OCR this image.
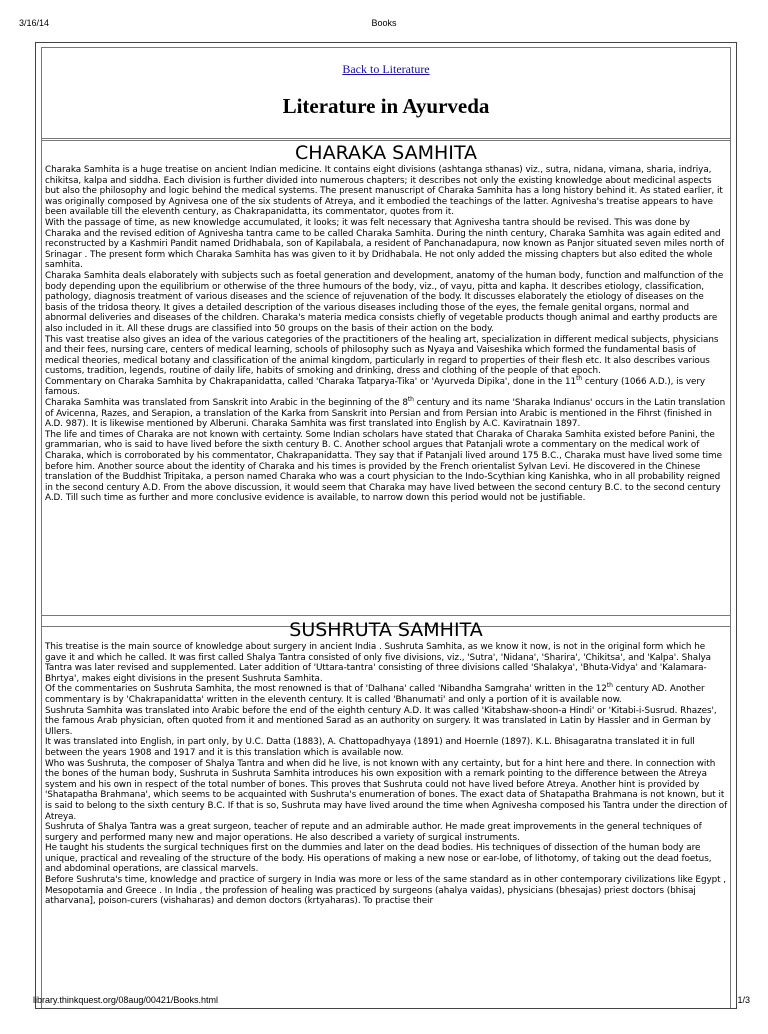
3/16/14	Books
Back to Literature
Literature in Ayurveda
CHARAKA SAMHITA

Charaka Samhita is a huge treatise on ancient Indian medicine. It contains eight divisions (ashtanga sthanas) viz., sutra, nidana, vimana, sharia, indriya, chikitsa, kalpa and siddha. Each division is further divided into numerous chapters; it describes not only the existing knowledge about medicinal aspects but also the philosophy and logic behind the medical systems. The present manuscript of Charaka Samhita has a long history behind it. As stated earlier, it was originally composed by Agnivesa one of the six students of Atreya, and it embodied the teachings of the latter. Agnivesha's treatise appears to have been available till the eleventh century, as Chakrapanidatta, its commentator, quotes from it.

With the passage of time, as new knowledge accumulated, it looks; it was felt necessary that Agnivesha tantra should be revised. This was done by Charaka and the revised edition of Agnivesha tantra came to be called Charaka Samhita. During the ninth century, Charaka Samhita was again edited and reconstructed by a Kashmiri Pandit named Dridhabala, son of Kapilabala, a resident of Panchanadapura, now known as Panjor situated seven miles north of Srinagar . The present form which Charaka Samhita has was given to it by Dridhabala. He not only added the missing chapters but also edited the whole samhita.

Charaka Samhita deals elaborately with subjects such as foetal generation and development, anatomy of the human body, function and malfunction of the body depending upon the equilibrium or otherwise of the three humours of the body, viz., of vayu, pitta and kapha. It describes etiology, classification, pathology, diagnosis treatment of various diseases and the science of rejuvenation of the body. It discusses elaborately the etiology of diseases on the basis of the tridosa theory. It gives a detailed description of the various diseases including those of the eyes, the female genital organs, normal and abnormal deliveries and diseases of the children. Charaka's materia medica consists chiefly of vegetable products though animal and earthy products are also included in it. All these drugs are classified into 50 groups on the basis of their action on the body.

This vast treatise also gives an idea of the various categories of the practitioners of the healing art, specialization in different medical subjects, physicians and their fees, nursing care, centers of medical learning, schools of philosophy such as Nyaya and Vaiseshika which formed the fundamental basis of medical theories, medical botany and classification of the animal kingdom, particularly in regard to properties of their flesh etc. It also describes various customs, tradition, legends, routine of daily life, habits of smoking and drinking, dress and clothing of the people of that epoch.

Commentary on Charaka Samhita by Chakrapanidatta, called 'Charaka Tatparya-Tika' or 'Ayurveda Dipika', done in the 11th century (1066 A.D.), is very famous.

Charaka Samhita was translated from Sanskrit into Arabic in the beginning of the 8th century and its name 'Sharaka Indianus' occurs in the Latin translation of Avicenna, Razes, and Serapion, a translation of the Karka from Sanskrit into Persian and from Persian into Arabic is mentioned in the Fihrst (finished in A.D. 987). It is likewise mentioned by Alberuni. Charaka Samhita was first translated into English by A.C. Kaviratnain 1897.

The life and times of Charaka are not known with certainty. Some Indian scholars have stated that Charaka of Charaka Samhita existed before Panini, the grammarian, who is said to have lived before the sixth century B. C. Another school argues that Patanjali wrote a commentary on the medical work of Charaka, which is corroborated by his commentator, Chakrapanidatta. They say that if Patanjali lived around 175 B.C., Charaka must have lived some time before him. Another source about the identity of Charaka and his times is provided by the French orientalist Sylvan Levi. He discovered in the Chinese translation of the Buddhist Tripitaka, a person named Charaka who was a court physician to the Indo-Scythian king Kanishka, who in all probability reigned in the second century A.D. From the above discussion, it would seem that Charaka may have lived between the second century B.C. to the second century A.D. Till such time as further and more conclusive evidence is available, to narrow down this period would not be justifiable.

SUSHRUTA SAMHITA

This treatise is the main source of knowledge about surgery in ancient India . Sushruta Samhita, as we know it now, is not in the original form which he gave it and which he called. It was first called Shalya Tantra consisted of only five divisions, viz., 'Sutra', 'Nidana', 'Sharira', 'Chikitsa', and 'Kalpa'. Shalya Tantra was later revised and supplemented. Later addition of 'Uttara-tantra' consisting of three divisions called 'Shalakya', 'Bhuta-Vidya' and 'Kalamara-Bhrtya', makes eight divisions in the present Sushruta Samhita.

Of the commentaries on Sushruta Samhita, the most renowned is that of 'Dalhana' called 'Nibandha Samgraha' written in the 12th century AD. Another commentary is by 'Chakrapanidatta' written in the eleventh century. It is called 'Bhanumati' and only a portion of it is available now.

Sushruta Samhita was translated into Arabic before the end of the eighth century A.D. It was called 'Kitabshaw-shoon-a Hindi' or 'Kitabi-i-Susrud. Rhazes', the famous Arab physician, often quoted from it and mentioned Sarad as an authority on surgery. It was translated in Latin by Hassler and in German by Ullers.

It was translated into English, in part only, by U.C. Datta (1883), A. Chattopadhyaya (1891) and Hoernle (1897). K.L. Bhisagaratna translated it in full between the years 1908 and 1917 and it is this translation which is available now.

Who was Sushruta, the composer of Shalya Tantra and when did he live, is not known with any certainty, but for a hint here and there. In connection with the bones of the human body, Sushruta in Sushruta Samhita introduces his own exposition with a remark pointing to the difference between the Atreya system and his own in respect of the total number of bones. This proves that Sushruta could not have lived before Atreya. Another hint is provided by 'Shatapatha Brahmana', which seems to be acquainted with Sushruta's enumeration of bones. The exact data of Shatapatha Brahmana is not known, but it is said to belong to the sixth century B.C. If that is so, Sushruta may have lived around the time when Agnivesha composed his Tantra under the direction of Atreya.

Sushruta of Shalya Tantra was a great surgeon, teacher of repute and an admirable author. He made great improvements in the general techniques of surgery and performed many new and major operations. He also described a variety of surgical instruments.

He taught his students the surgical techniques first on the dummies and later on the dead bodies. His techniques of dissection of the human body are unique, practical and revealing of the structure of the body. His operations of making a new nose or ear-lobe, of lithotomy, of taking out the dead foetus, and abdominal operations, are classical marvels.

Before Sushruta's time, knowledge and practice of surgery in India was more or less of the same standard as in other contemporary civilizations like Egypt , Mesopotamia and Greece . In India , the profession of healing was practiced by surgeons (ahalya vaidas), physicians (bhesajas) priest doctors (bhisaj atharvana], poison-curers (vishaharas) and demon doctors (krtyaharas). To practise their

library.thinkquest.org/08aug/00421/Books.html	1/3
